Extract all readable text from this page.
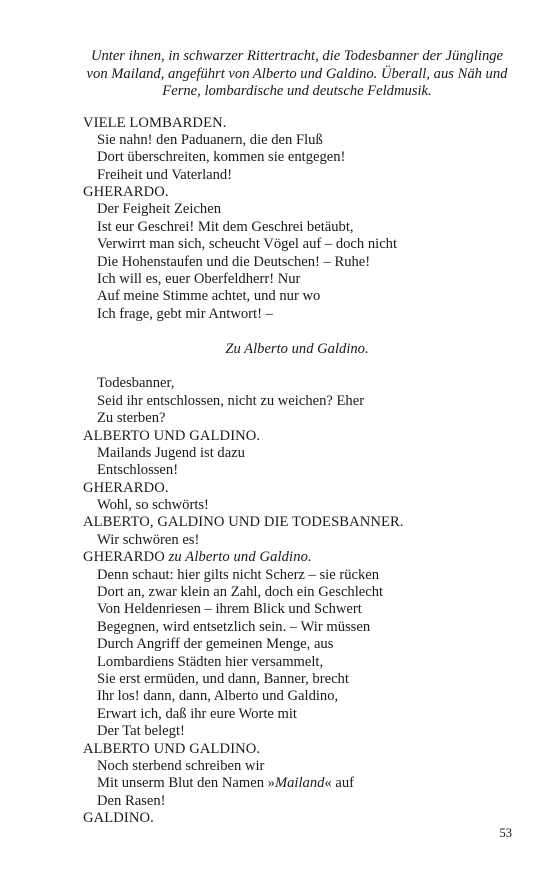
Unter ihnen, in schwarzer Rittertracht, die Todesbanner der Jünglinge von Mailand, angeführt von Alberto und Galdino. Überall, aus Näh und Ferne, lombardische und deutsche Feldmusik.

VIELE LOMBARDEN.
Sie nahn! den Paduanern, die den Fluß
Dort überschreiten, kommen sie entgegen!
Freiheit und Vaterland!
GHERARDO.
Der Feigheit Zeichen
Ist eur Geschrei! Mit dem Geschrei betäubt,
Verwirrt man sich, scheucht Vögel auf – doch nicht
Die Hohenstaufen und die Deutschen! – Ruhe!
Ich will es, euer Oberfeldherr! Nur
Auf meine Stimme achtet, und nur wo
Ich frage, gebt mir Antwort! –
Zu Alberto und Galdino.
Todesbanner,
Seid ihr entschlossen, nicht zu weichen? Eher
Zu sterben?
ALBERTO UND GALDINO.
Mailands Jugend ist dazu
Entschlossen!
GHERARDO.
Wohl, so schwörts!
ALBERTO, GALDINO UND DIE TODESBANNER.
Wir schwören es!
GHERARDO zu Alberto und Galdino.
Denn schaut: hier gilts nicht Scherz – sie rücken
Dort an, zwar klein an Zahl, doch ein Geschlecht
Von Heldenriesen – ihrem Blick und Schwert
Begegnen, wird entsetzlich sein. – Wir müssen
Durch Angriff der gemeinen Menge, aus
Lombardiens Städten hier versammelt,
Sie erst ermüden, und dann, Banner, brecht
Ihr los! dann, dann, Alberto und Galdino,
Erwart ich, daß ihr eure Worte mit
Der Tat belegt!
ALBERTO UND GALDINO.
Noch sterbend schreiben wir
Mit unserm Blut den Namen »Mailand« auf
Den Rasen!
GALDINO.
53
